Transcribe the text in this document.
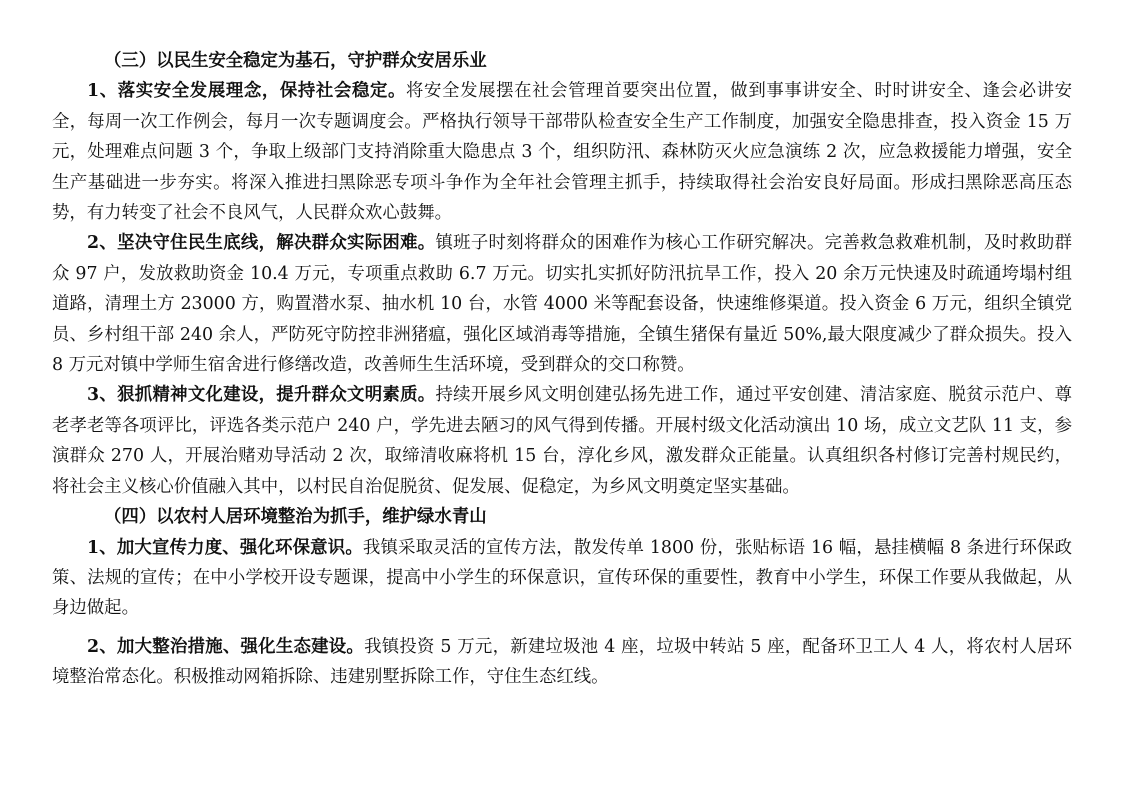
（三）以民生安全稳定为基石，守护群众安居乐业

1、落实安全发展理念，保持社会稳定。将安全发展摆在社会管理首要突出位置，做到事事讲安全、时时讲安全、逢会必讲安全，每周一次工作例会，每月一次专题调度会。严格执行领导干部带队检查安全生产工作制度，加强安全隐患排查，投入资金 15 万元，处理难点问题 3 个，争取上级部门支持消除重大隐患点 3 个，组织防汛、森林防灭火应急演练 2 次，应急救援能力增强，安全生产基础进一步夯实。将深入推进扫黑除恶专项斗争作为全年社会管理主抓手，持续取得社会治安良好局面。形成扫黑除恶高压态势，有力转变了社会不良风气，人民群众欢心鼓舞。

2、坚决守住民生底线，解决群众实际困难。镇班子时刻将群众的困难作为核心工作研究解决。完善救急救难机制，及时救助群众 97 户，发放救助资金 10.4 万元，专项重点救助 6.7 万元。切实扎实抓好防汛抗旱工作，投入 20 余万元快速及时疏通垮塌村组道路，清理土方 23000 方，购置潜水泵、抽水机 10 台，水管 4000 米等配套设备，快速维修渠道。投入资金 6 万元，组织全镇党员、乡村组干部 240 余人，严防死守防控非洲猪瘟，强化区域消毒等措施，全镇生猪保有量近 50%,最大限度减少了群众损失。投入 8 万元对镇中学师生宿舍进行修缮改造，改善师生生活环境，受到群众的交口称赞。

3、狠抓精神文化建设，提升群众文明素质。持续开展乡风文明创建弘扬先进工作，通过平安创建、清洁家庭、脱贫示范户、尊老孝老等各项评比，评选各类示范户 240 户，学先进去陋习的风气得到传播。开展村级文化活动演出 10 场，成立文艺队 11 支，参演群众 270 人，开展治赌劝导活动 2 次，取缔清收麻将机 15 台，淳化乡风，激发群众正能量。认真组织各村修订完善村规民约，将社会主义核心价值融入其中，以村民自治促脱贫、促发展、促稳定，为乡风文明奠定坚实基础。

（四）以农村人居环境整治为抓手，维护绿水青山

1、加大宣传力度、强化环保意识。我镇采取灵活的宣传方法，散发传单 1800 份，张贴标语 16 幅，悬挂横幅 8 条进行环保政策、法规的宣传；在中小学校开设专题课，提高中小学生的环保意识，宣传环保的重要性，教育中小学生，环保工作要从我做起，从身边做起。

2、加大整治措施、强化生态建设。我镇投资 5 万元，新建垃圾池 4 座，垃圾中转站 5 座，配备环卫工人 4 人，将农村人居环境整治常态化。积极推动网箱拆除、违建别墅拆除工作，守住生态红线。
